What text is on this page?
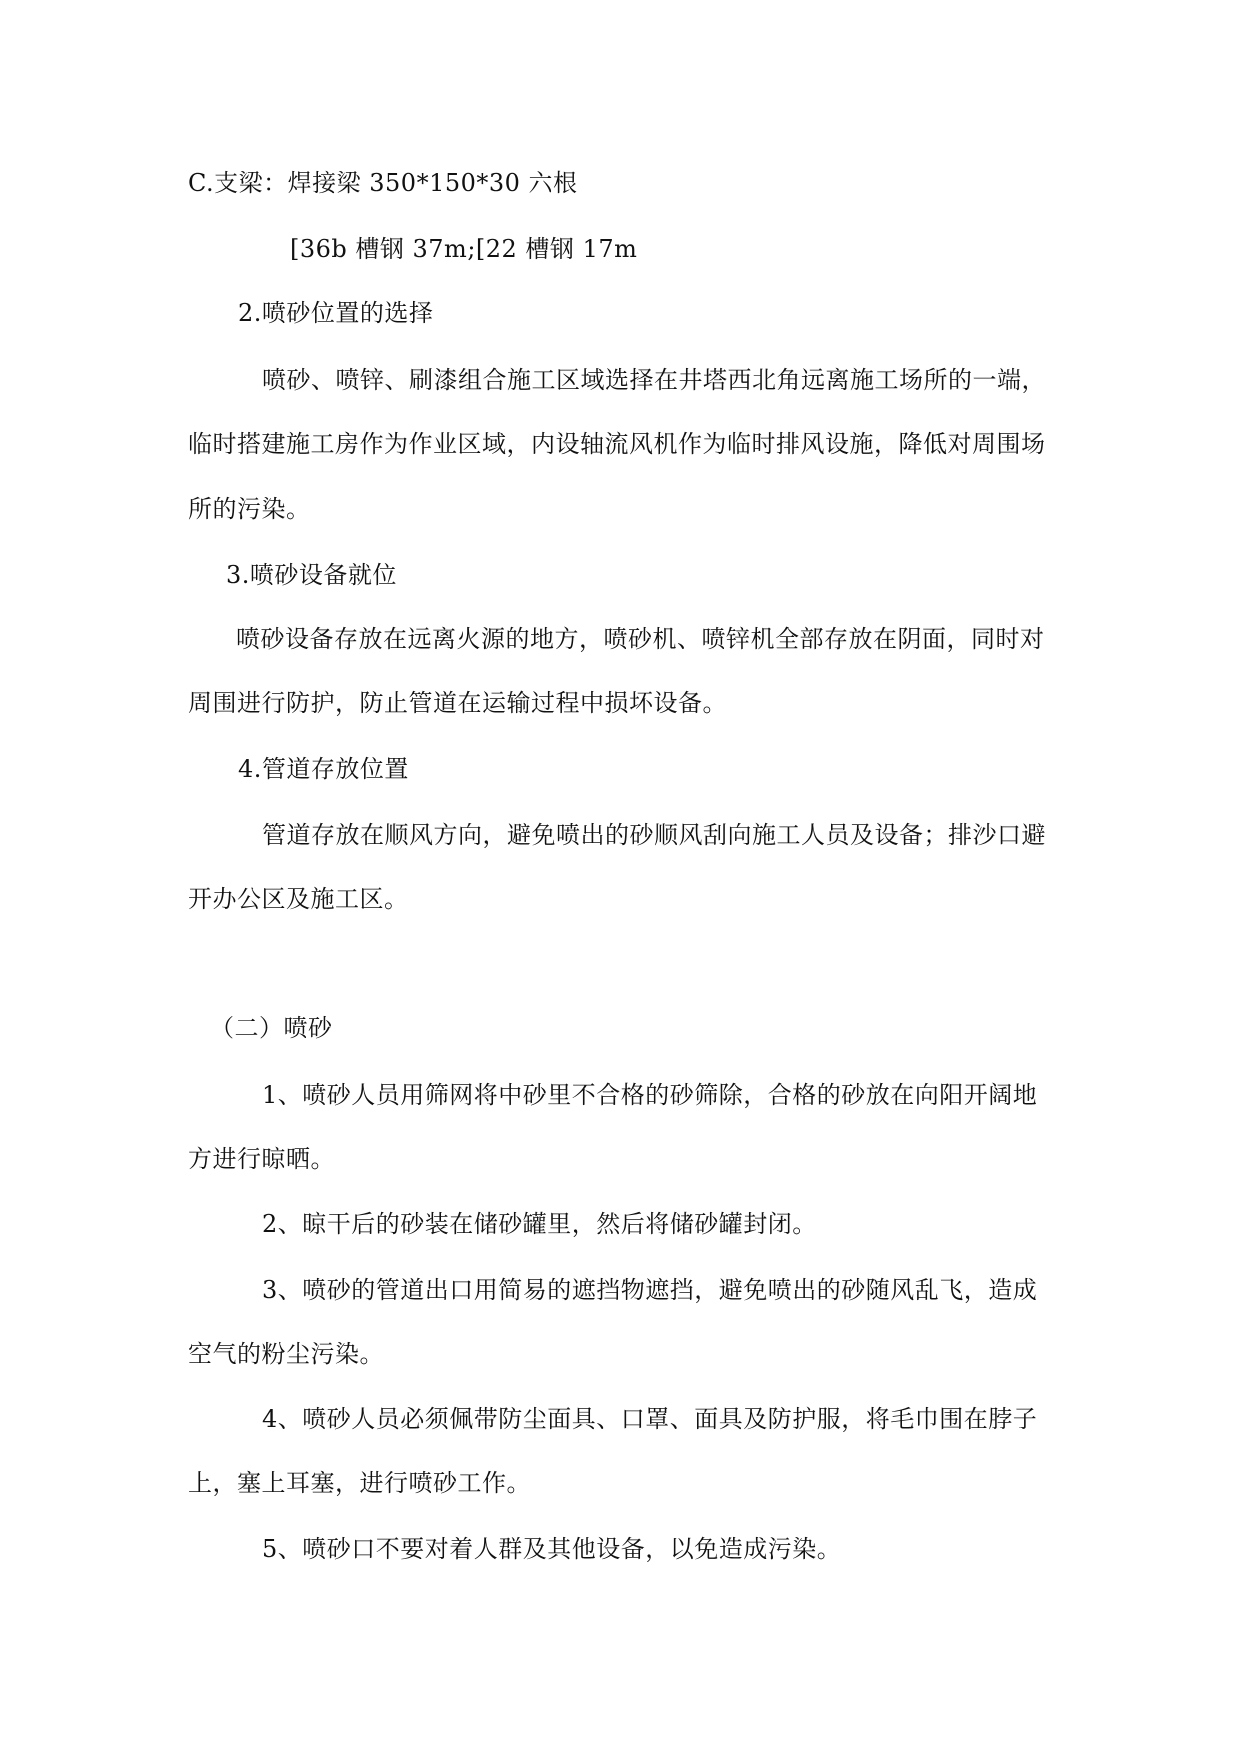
C.支梁：焊接梁 350*150*30 六根
[36b 槽钢 37m;[22 槽钢 17m
2.喷砂位置的选择
喷砂、喷锌、刷漆组合施工区域选择在井塔西北角远离施工场所的一端，
临时搭建施工房作为作业区域，内设轴流风机作为临时排风设施，降低对周围场
所的污染。
3.喷砂设备就位
喷砂设备存放在远离火源的地方，喷砂机、喷锌机全部存放在阴面，同时对
周围进行防护，防止管道在运输过程中损坏设备。
4.管道存放位置
管道存放在顺风方向，避免喷出的砂顺风刮向施工人员及设备；排沙口避
开办公区及施工区。
（二）喷砂
1、喷砂人员用筛网将中砂里不合格的砂筛除，合格的砂放在向阳开阔地
方进行晾晒。
2、晾干后的砂装在储砂罐里，然后将储砂罐封闭。
3、喷砂的管道出口用简易的遮挡物遮挡，避免喷出的砂随风乱飞，造成
空气的粉尘污染。
4、喷砂人员必须佩带防尘面具、口罩、面具及防护服，将毛巾围在脖子
上，塞上耳塞，进行喷砂工作。
5、喷砂口不要对着人群及其他设备，以免造成污染。
